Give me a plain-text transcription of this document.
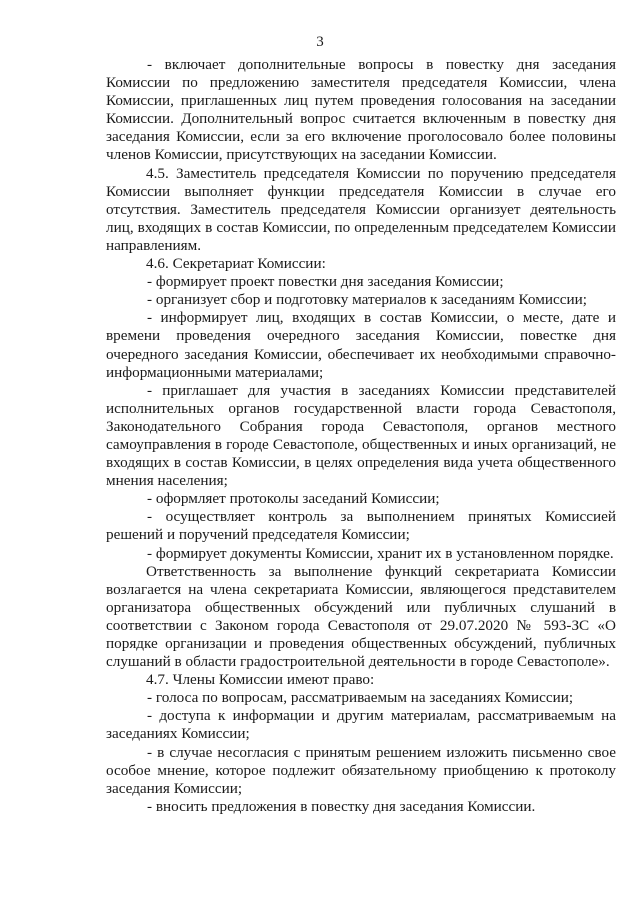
3

- включает дополнительные вопросы в повестку дня заседания Комиссии по предложению заместителя председателя Комиссии, члена Комиссии, приглашенных лиц путем проведения голосования на заседании Комиссии. Дополнительный вопрос считается включенным в повестку дня заседания Комиссии, если за его включение проголосовало более половины членов Комиссии, присутствующих на заседании Комиссии.

4.5. Заместитель председателя Комиссии по поручению председателя Комиссии выполняет функции председателя Комиссии в случае его отсутствия. Заместитель председателя Комиссии организует деятельность лиц, входящих в состав Комиссии, по определенным председателем Комиссии направлениям.

4.6. Секретариат Комиссии:

- формирует проект повестки дня заседания Комиссии;

- организует сбор и подготовку материалов к заседаниям Комиссии;

- информирует лиц, входящих в состав Комиссии, о месте, дате и времени проведения очередного заседания Комиссии, повестке дня очередного заседания Комиссии, обеспечивает их необходимыми справочно-информационными материалами;

- приглашает для участия в заседаниях Комиссии представителей исполнительных органов государственной власти города Севастополя, Законодательного Собрания города Севастополя, органов местного самоуправления в городе Севастополе, общественных и иных организаций, не входящих в состав Комиссии, в целях определения вида учета общественного мнения населения;

- оформляет протоколы заседаний Комиссии;

- осуществляет контроль за выполнением принятых Комиссией решений и поручений председателя Комиссии;

- формирует документы Комиссии, хранит их в установленном порядке.

Ответственность за выполнение функций секретариата Комиссии возлагается на члена секретариата Комиссии, являющегося представителем организатора общественных обсуждений или публичных слушаний в соответствии с Законом города Севастополя от 29.07.2020 № 593-ЗС «О порядке организации и проведения общественных обсуждений, публичных слушаний в области градостроительной деятельности в городе Севастополе».

4.7. Члены Комиссии имеют право:

- голоса по вопросам, рассматриваемым на заседаниях Комиссии;

- доступа к информации и другим материалам, рассматриваемым на заседаниях Комиссии;

- в случае несогласия с принятым решением изложить письменно свое особое мнение, которое подлежит обязательному приобщению к протоколу заседания Комиссии;

- вносить предложения в повестку дня заседания Комиссии.
